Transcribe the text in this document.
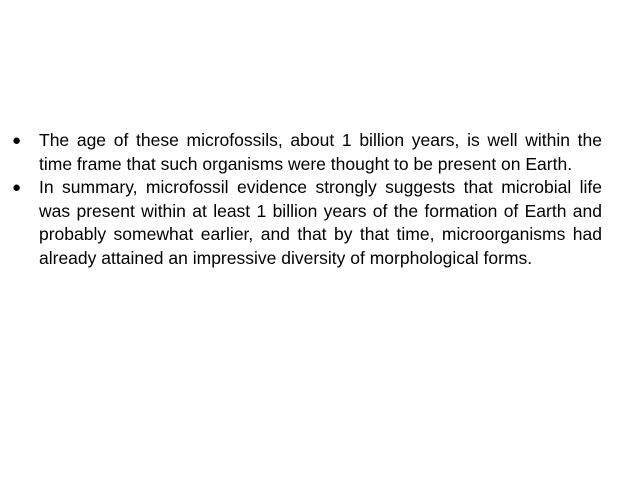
●	The age of these microfossils, about 1 billion years, is well within the time frame that such organisms were thought to be present on Earth.
●	In summary, microfossil evidence strongly suggests that microbial life was present within at least 1 billion years of the formation of Earth and probably somewhat earlier, and that by that time, microorganisms had already attained an impressive diversity of morphological forms.
